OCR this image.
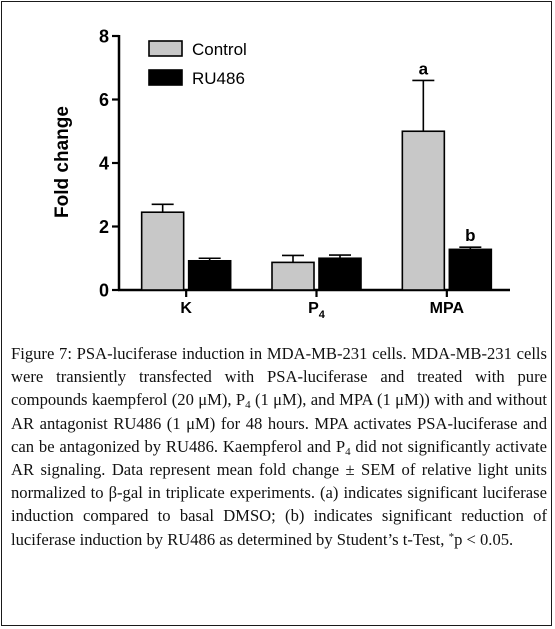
Fold change
0
2
4
6
8
a
b
K	$P_4$	MPA
Control
RU486
Figure 7: PSA-luciferase induction in MDA-MB-231 cells. MDA-MB-231 cells were transiently transfected with PSA-luciferase and treated with pure compounds kaempferol (20 μM), $P_4$ (1 μM), and MPA (1 μM)) with and without AR antagonist RU486 (1 μM) for 48 hours. MPA activates PSA-luciferase and can be antagonized by RU486. Kaempferol and $P_4$ did not significantly activate AR signaling. Data represent mean fold change ± SEM of relative light units normalized to β-gal in triplicate experiments. (a) indicates significant luciferase induction compared to basal DMSO; (b) indicates significant reduction of luciferase induction by RU486 as determined by Student’s t-Test, *p < 0.05.
